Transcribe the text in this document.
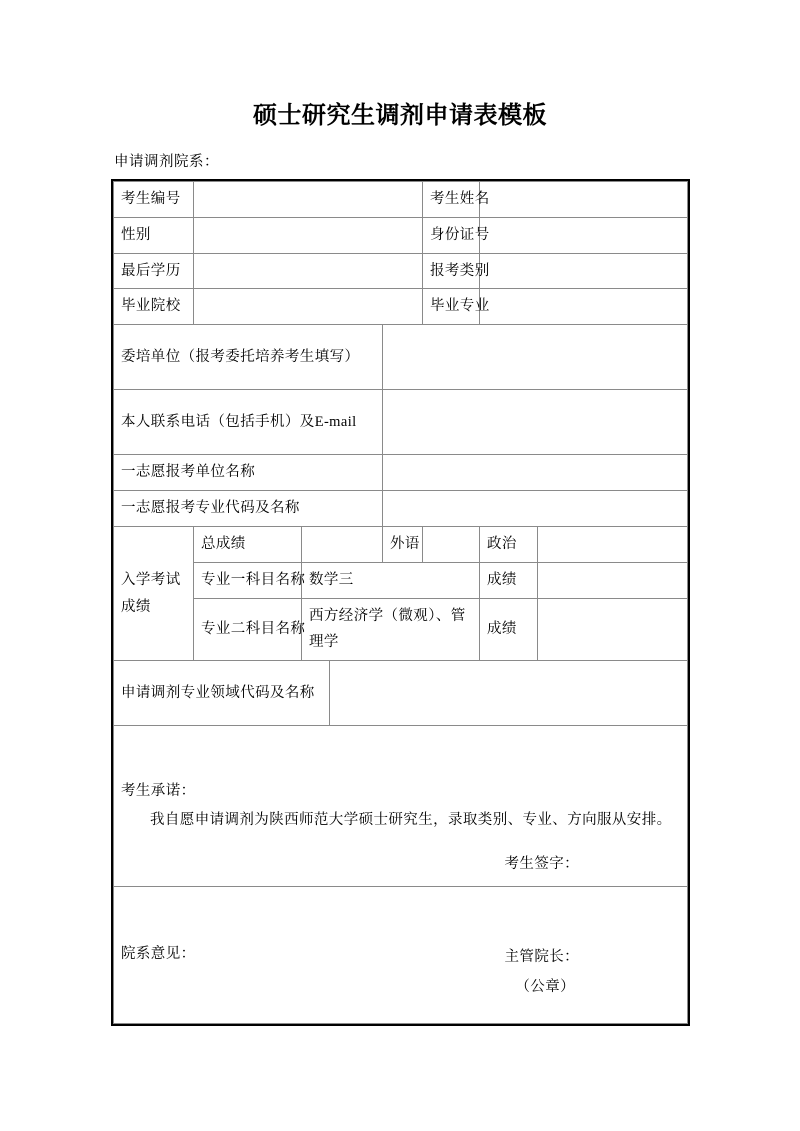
硕士研究生调剂申请表模板
申请调剂院系：
考生编号					考生姓名		
性别					身份证号		
最后学历					报考类别		
毕业院校					毕业专业		
委培单位（报考委托培养考生填写）							
本人联系电话（包括手机）及E-mail							
一志愿报考单位名称							
一志愿报考专业代码及名称							
入学考试成绩	总成绩			外语		政治	
	专业一科目名称	数学三				成绩	
	专业二科目名称	西方经济学（微观）、管理学				成绩	
申请调剂专业领域代码及名称							

考生承诺：
我自愿申请调剂为陕西师范大学硕士研究生，录取类别、专业、方向服从安排。
考生签字：							

院系意见： 主管院长：
（公章）							
